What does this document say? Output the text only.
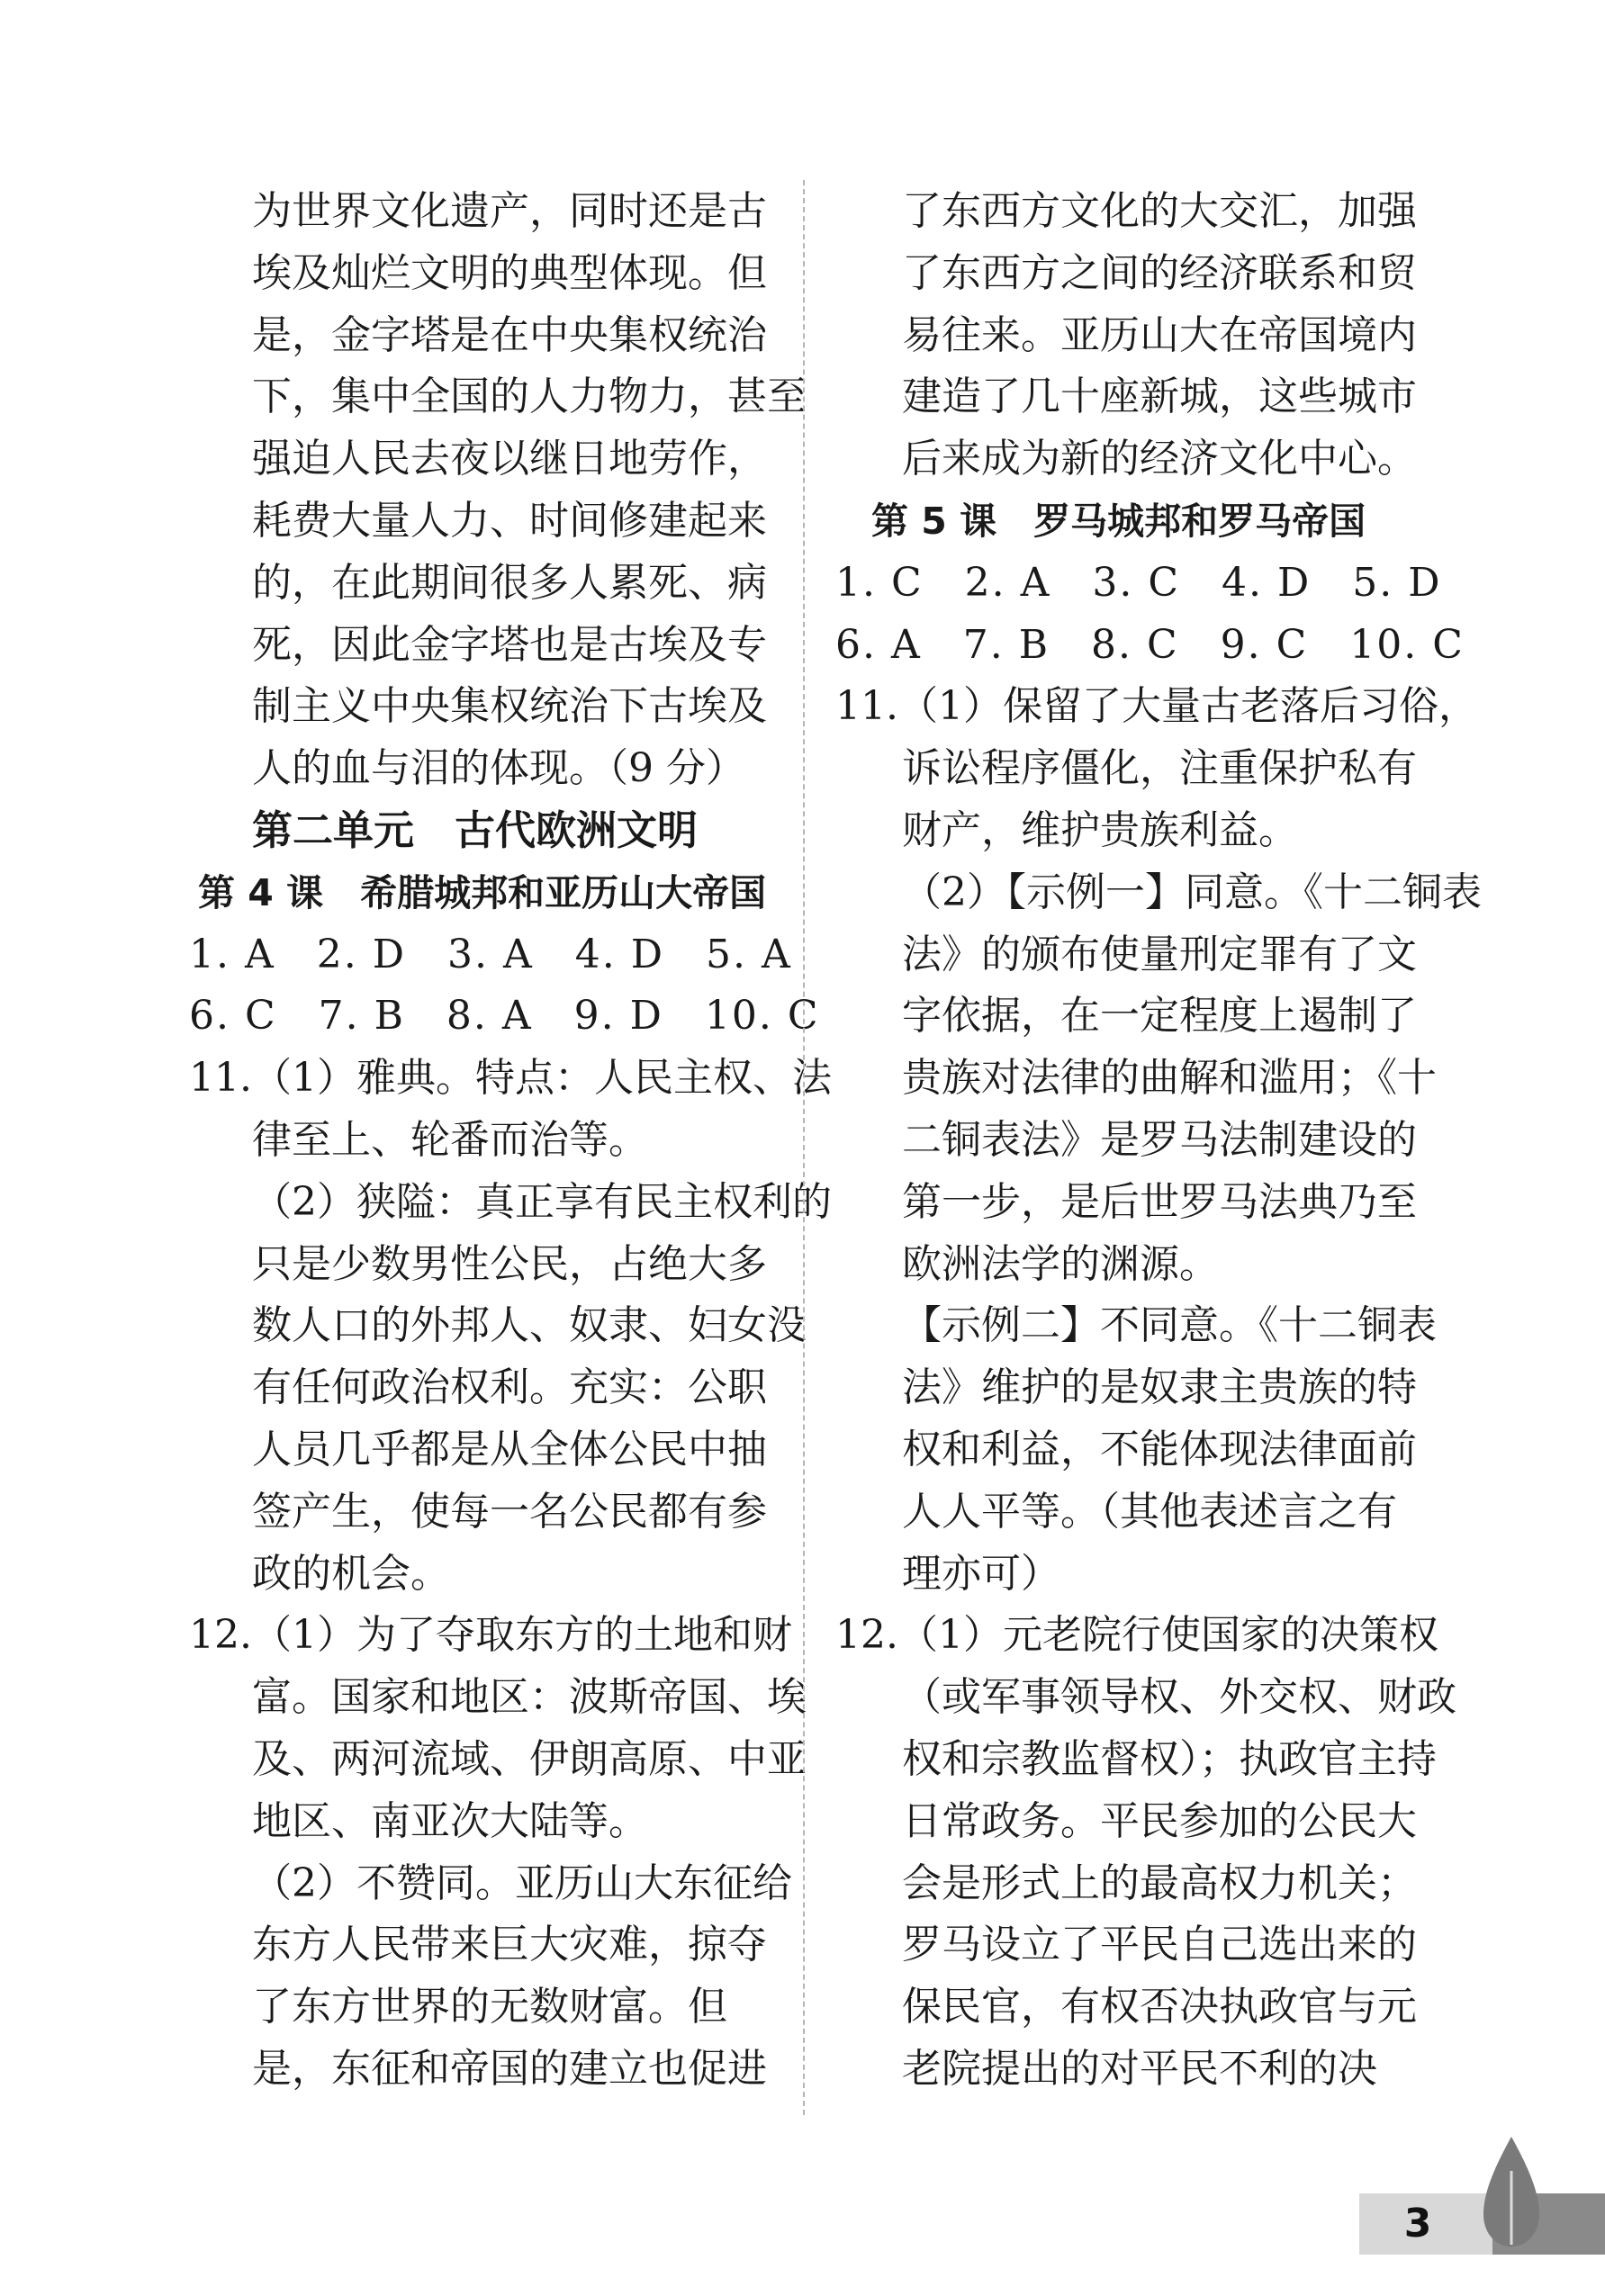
为世界文化遗产，同时还是古
埃及灿烂文明的典型体现。但
是，金字塔是在中央集权统治
下，集中全国的人力物力，甚至
强迫人民去夜以继日地劳作，
耗费大量人力、时间修建起来
的，在此期间很多人累死、病
死，因此金字塔也是古埃及专
制主义中央集权统治下古埃及
人的血与泪的体现。（9 分）
第二单元　古代欧洲文明
第 4 课　希腊城邦和亚历山大帝国
1. A　2. D　3. A　4. D　5. A
6. C　7. B　8. A　9. D　10. C
11.（1）雅典。特点：人民主权、法
律至上、轮番而治等。
（2）狭隘：真正享有民主权利的
只是少数男性公民，占绝大多
数人口的外邦人、奴隶、妇女没
有任何政治权利。充实：公职
人员几乎都是从全体公民中抽
签产生，使每一名公民都有参
政的机会。
12.（1）为了夺取东方的土地和财
富。国家和地区：波斯帝国、埃
及、两河流域、伊朗高原、中亚
地区、南亚次大陆等。
（2）不赞同。亚历山大东征给
东方人民带来巨大灾难，掠夺
了东方世界的无数财富。但
是，东征和帝国的建立也促进
了东西方文化的大交汇，加强
了东西方之间的经济联系和贸
易往来。亚历山大在帝国境内
建造了几十座新城，这些城市
后来成为新的经济文化中心。
第 5 课　罗马城邦和罗马帝国
1. C　2. A　3. C　4. D　5. D
6. A　7. B　8. C　9. C　10. C
11.（1）保留了大量古老落后习俗，
诉讼程序僵化，注重保护私有
财产，维护贵族利益。
（2）【示例一】同意。《十二铜表
法》的颁布使量刑定罪有了文
字依据，在一定程度上遏制了
贵族对法律的曲解和滥用；《十
二铜表法》是罗马法制建设的
第一步，是后世罗马法典乃至
欧洲法学的渊源。
【示例二】不同意。《十二铜表
法》维护的是奴隶主贵族的特
权和利益，不能体现法律面前
人人平等。（其他表述言之有
理亦可）
12.（1）元老院行使国家的决策权
（或军事领导权、外交权、财政
权和宗教监督权）；执政官主持
日常政务。平民参加的公民大
会是形式上的最高权力机关；
罗马设立了平民自己选出来的
保民官，有权否决执政官与元
老院提出的对平民不利的决
3
